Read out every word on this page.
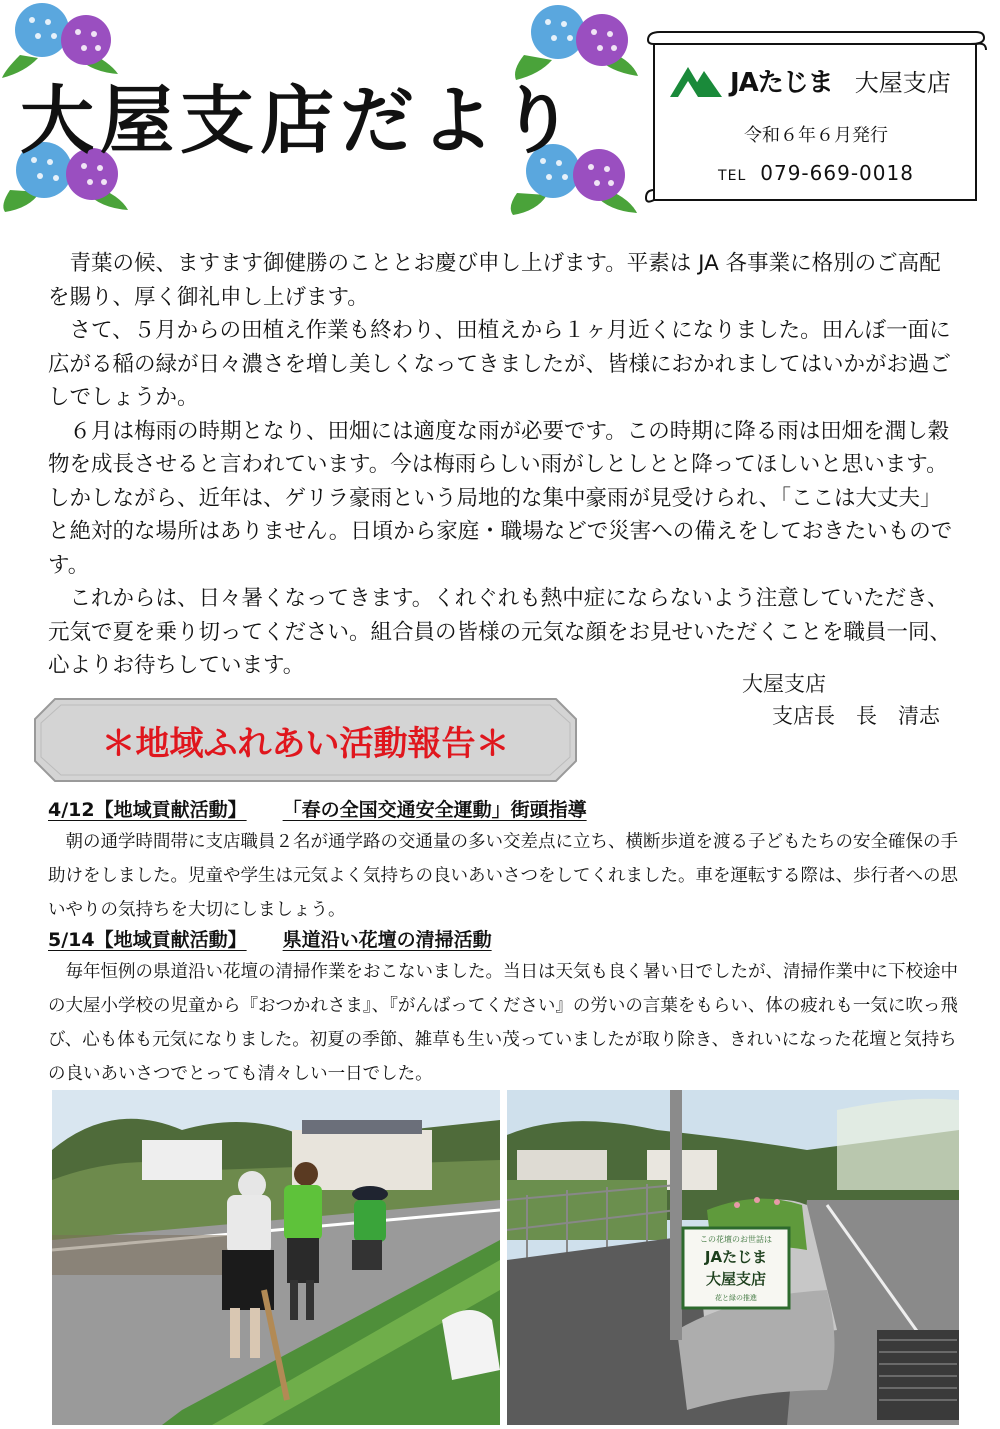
大屋支店だより	JAたじま 大屋支店
令和６年６月発行
TEL 079-669-0018

青葉の候、ますます御健勝のこととお慶び申し上げます。平素は JA 各事業に格別のご高配を賜り、厚く御礼申し上げます。

さて、５月からの田植え作業も終わり、田植えから１ヶ月近くになりました。田んぼ一面に広がる稲の緑が日々濃さを増し美しくなってきましたが、皆様におかれましてはいかがお過ごしでしょうか。

６月は梅雨の時期となり、田畑には適度な雨が必要です。この時期に降る雨は田畑を潤し穀物を成長させると言われています。今は梅雨らしい雨がしとしとと降ってほしいと思います。しかしながら、近年は、ゲリラ豪雨という局地的な集中豪雨が見受けられ、「ここは大丈夫」と絶対的な場所はありません。日頃から家庭・職場などで災害への備えをしておきたいものです。

これからは、日々暑くなってきます。くれぐれも熱中症にならないよう注意していただき、元気で夏を乗り切ってください。組合員の皆様の元気な顔をお見せいただくことを職員一同、心よりお待ちしています。

大屋支店
支店長　長　清志
＊地域ふれあい活動報告＊
4/12【地域貢献活動】 「春の全国交通安全運動」街頭指導

朝の通学時間帯に支店職員２名が通学路の交通量の多い交差点に立ち、横断歩道を渡る子どもたちの安全確保の手助けをしました。児童や学生は元気よく気持ちの良いあいさつをしてくれました。車を運転する際は、歩行者への思いやりの気持ちを大切にしましょう。

5/14【地域貢献活動】 県道沿い花壇の清掃活動

毎年恒例の県道沿い花壇の清掃作業をおこないました。当日は天気も良く暑い日でしたが、清掃作業中に下校途中の大屋小学校の児童から『おつかれさま』、『がんばってください』の労いの言葉をもらい、体の疲れも一気に吹っ飛び、心も体も元気になりました。初夏の季節、雑草も生い茂っていましたが取り除き、きれいになった花壇と気持ちの良いあいさつでとっても清々しい一日でした。

この花壇のお世話は
JAたじま
大屋支店
花と緑の推進
